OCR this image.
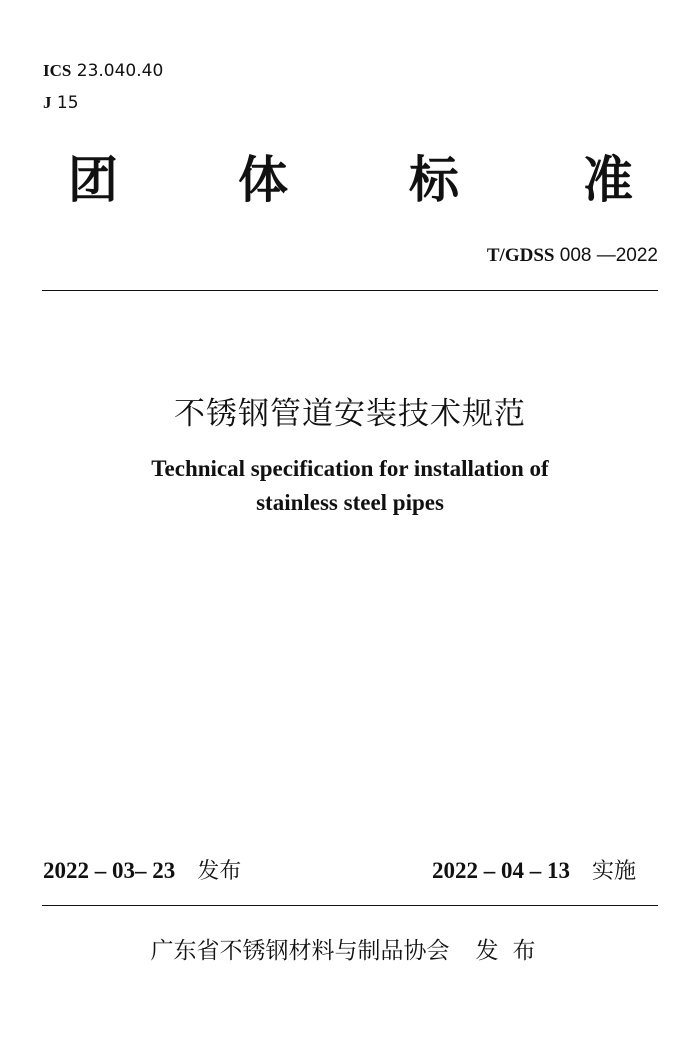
ICS 23.040.40
J 15
团 体 标 准
T/GDSS 008 —2022
不锈钢管道安装技术规范
Technical specification for installation of
stainless steel pipes
2022 – 03– 23 发布	2022 – 04 – 13 实施
广东省不锈钢材料与制品协会 发布
